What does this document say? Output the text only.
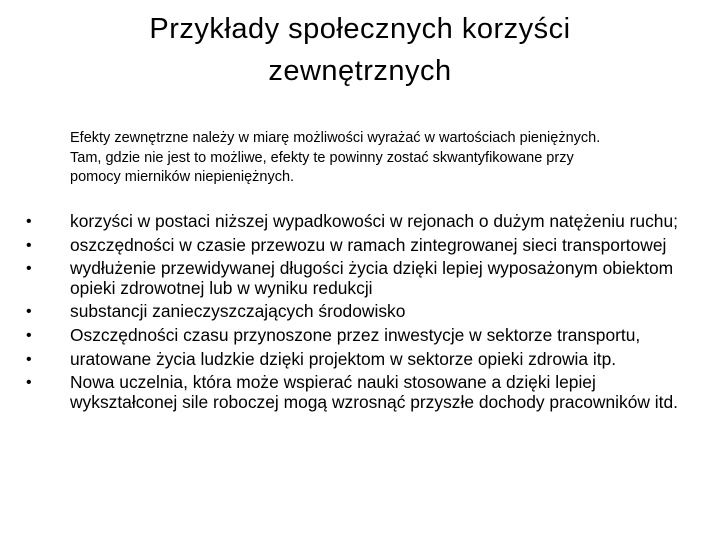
Przykłady społecznych korzyści
zewnętrznych

Efekty zewnętrzne należy w miarę możliwości wyrażać w wartościach pieniężnych.
Tam, gdzie nie jest to możliwe, efekty te powinny zostać skwantyfikowane przy
pomocy mierników niepieniężnych.

•	korzyści w postaci niższej wypadkowości w rejonach o dużym natężeniu ruchu;
•	oszczędności w czasie przewozu w ramach zintegrowanej sieci transportowej
•	wydłużenie przewidywanej długości życia dzięki lepiej wyposażonym obiektom opieki zdrowotnej lub w wyniku redukcji
•	substancji zanieczyszczających środowisko
•	Oszczędności czasu przynoszone przez inwestycje w sektorze transportu,
•	uratowane życia ludzkie dzięki projektom w sektorze opieki zdrowia itp.
•	Nowa uczelnia, która może wspierać nauki stosowane a dzięki lepiej wykształconej sile roboczej mogą wzrosnąć przyszłe dochody pracowników itd.
